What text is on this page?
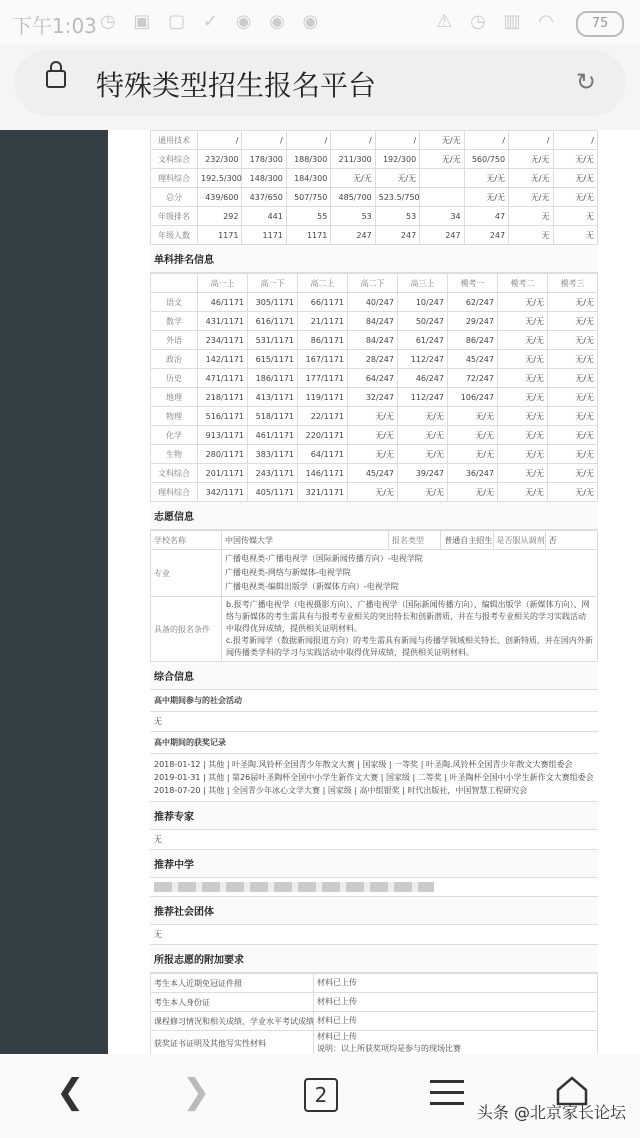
下午1:03 ◷ ▣ ▢ ✓ ◉ ◉ ◉	⚠ ◷ ▥ ◠	75
特殊类型招生报名平台	↻
通用技术	/	/	/	/	/	无/无	/	/	/
文科综合	232/300	178/300	188/300	211/300	192/300	无/无	560/750	无/无	无/无
理科综合	192.5/300	148/300	184/300	无/无	无/无		无/无	无/无	无/无
总分	439/600	437/650	507/750	485/700	523.5/750		无/无	无/无	无/无
年级排名	292	441	55	53	53	34	47	无	无
年级人数	1171	1171	1171	247	247	247	247	无	无
单科排名信息
	高一上	高一下	高二上	高二下	高三上	模考一	模考二	模考三
语文	46/1171	305/1171	66/1171	40/247	10/247	62/247	无/无	无/无
数学	431/1171	616/1171	21/1171	84/247	50/247	29/247	无/无	无/无
外语	234/1171	531/1171	86/1171	84/247	61/247	86/247	无/无	无/无
政治	142/1171	615/1171	167/1171	28/247	112/247	45/247	无/无	无/无
历史	471/1171	186/1171	177/1171	64/247	46/247	72/247	无/无	无/无
地理	218/1171	413/1171	119/1171	32/247	112/247	106/247	无/无	无/无
物理	516/1171	518/1171	22/1171	无/无	无/无	无/无	无/无	无/无
化学	913/1171	461/1171	220/1171	无/无	无/无	无/无	无/无	无/无
生物	280/1171	383/1171	64/1171	无/无	无/无	无/无	无/无	无/无
文科综合	201/1171	243/1171	146/1171	45/247	39/247	36/247	无/无	无/无
理科综合	342/1171	405/1171	321/1171	无/无	无/无	无/无	无/无	无/无
志愿信息
学校名称	中国传媒大学	报名类型	普通自主招生	是否服从调剂	否
专业	广播电视类-广播电视学（国际新闻传播方向）-电视学院
广播电视类-网络与新媒体-电视学院
广播电视类-编辑出版学（新媒体方向）-电视学院				

具备的报名条件	b.报考广播电视学（电视摄影方向）、广播电视学（国际新闻传播方向）、编辑出版学（新媒体方向）、网络与新媒体的考生需具有与报考专业相关的突出特长和创新潜质，并在与报考专业相关的学习实践活动中取得优异成绩，提供相关证明材料。
c.报考新闻学（数据新闻报道方向）的考生需具有新闻与传播学领域相关特长、创新特质，并在国内外新闻传播类学科的学习与实践活动中取得优异成绩，提供相关证明材料。				
综合信息
高中期间参与的社会活动
无
高中期间的获奖记录
2018-01-12 | 其他 | 叶圣陶.风铃杯全国青少年散文大赛 | 国家级 | 一等奖 | 叶圣陶.风铃杯全国青少年散文大赛组委会
2019-01-31 | 其他 | 第26届叶圣陶杯全国中小学生新作文大赛 | 国家级 | 二等奖 | 叶圣陶杯全国中小学生新作文大赛组委会
2018-07-20 | 其他 | 全国青少年冰心文学大赛 | 国家级 | 高中组银奖 | 时代出版社，中国智慧工程研究会
推荐专家
无
推荐中学
推荐社会团体
无
所报志愿的附加要求
考生本人近期免冠证件照	材料已上传

考生本人身份证	材料已上传

课程修习情况和相关成绩、学业水平考试成绩	材料已上传

获奖证书证明及其他写实性材料	材料已上传
说明：以上所获奖项均是参与的现场比赛
❮	❯	2
头条 @北京家长论坛
